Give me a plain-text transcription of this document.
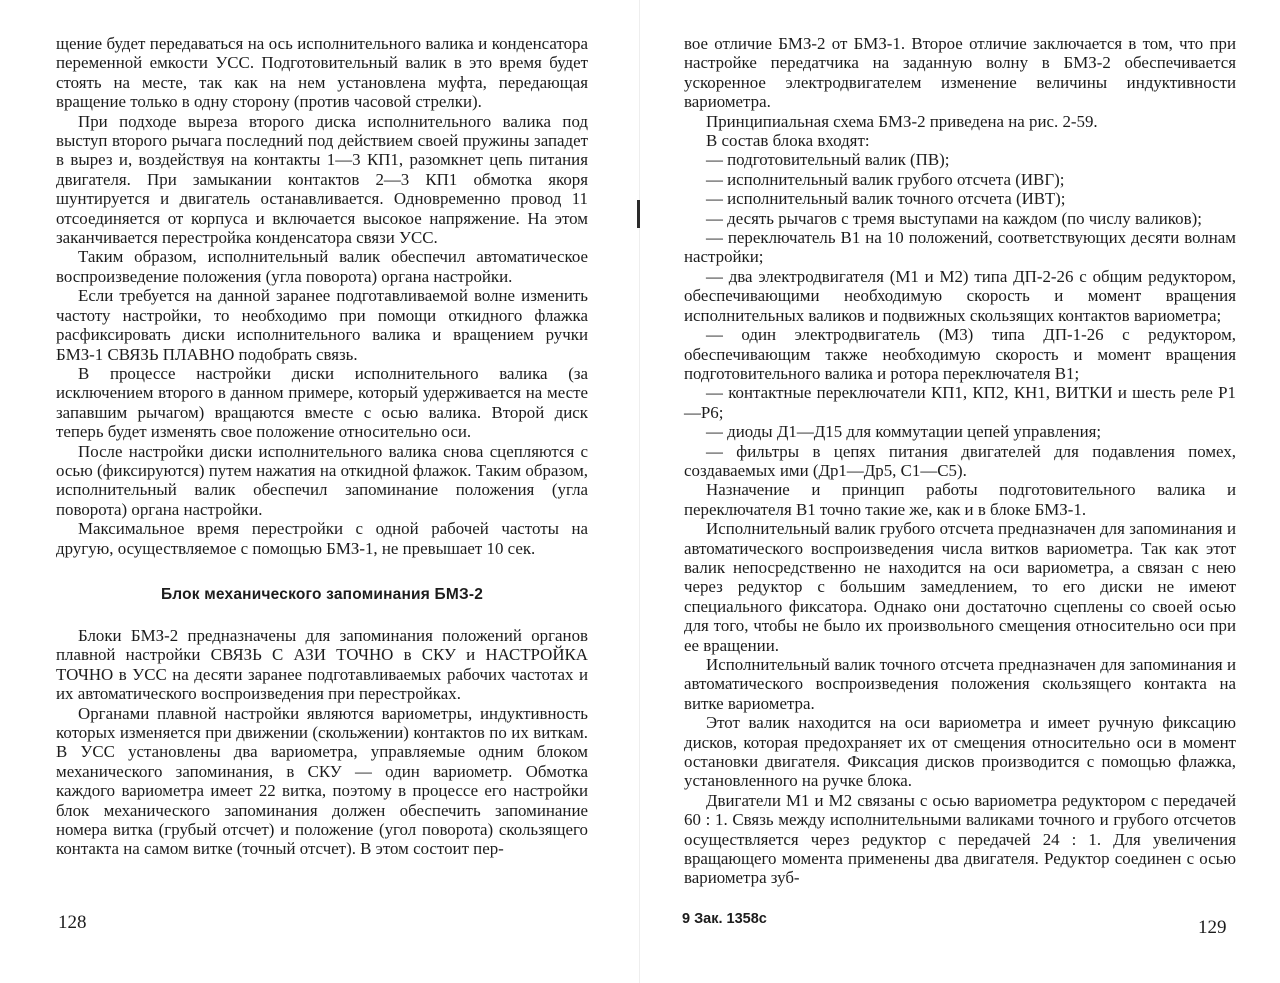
щение будет передаваться на ось исполнительного валика и конденсатора переменной емкости УСС. Подготовительный валик в это время будет стоять на месте, так как на нем установлена муфта, передающая вращение только в одну сторону (против часовой стрелки).

При подходе выреза второго диска исполнительного валика под выступ второго рычага последний под действием своей пружины западет в вырез и, воздействуя на контакты 1—3 КП1, разомкнет цепь питания двигателя. При замыкании контактов 2—3 КП1 обмотка якоря шунтируется и двигатель останавливается. Одновременно провод 11 отсоединяется от корпуса и включается высокое напряжение. На этом заканчивается перестройка конденсатора связи УСС.

Таким образом, исполнительный валик обеспечил автоматическое воспроизведение положения (угла поворота) органа настройки.

Если требуется на данной заранее подготавливаемой волне изменить частоту настройки, то необходимо при помощи откидного флажка расфиксировать диски исполнительного валика и вращением ручки БМЗ-1 СВЯЗЬ ПЛАВНО подобрать связь.

В процессе настройки диски исполнительного валика (за исключением второго в данном примере, который удерживается на месте запавшим рычагом) вращаются вместе с осью валика. Второй диск теперь будет изменять свое положение относительно оси.

После настройки диски исполнительного валика снова сцепляются с осью (фиксируются) путем нажатия на откидной флажок. Таким образом, исполнительный валик обеспечил запоминание положения (угла поворота) органа настройки.

Максимальное время перестройки с одной рабочей частоты на другую, осуществляемое с помощью БМЗ-1, не превышает 10 сек.

Блок механического запоминания БМЗ-2

Блоки БМЗ-2 предназначены для запоминания положений органов плавной настройки СВЯЗЬ С АЗИ ТОЧНО в СКУ и НАСТРОЙКА ТОЧНО в УСС на десяти заранее подготавливаемых рабочих частотах и их автоматического воспроизведения при перестройках.

Органами плавной настройки являются вариометры, индуктивность которых изменяется при движении (скольжении) контактов по их виткам. В УСС установлены два вариометра, управляемые одним блоком механического запоминания, в СКУ — один вариометр. Обмотка каждого вариометра имеет 22 витка, поэтому в процессе его настройки блок механического запоминания должен обеспечить запоминание номера витка (грубый отсчет) и положение (угол поворота) скользящего контакта на самом витке (точный отсчет). В этом состоит пер-

128

вое отличие БМЗ-2 от БМЗ-1. Второе отличие заключается в том, что при настройке передатчика на заданную волну в БМЗ-2 обеспечивается ускоренное электродвигателем изменение величины индуктивности вариометра.

Принципиальная схема БМЗ-2 приведена на рис. 2-59.

В состав блока входят:

— подготовительный валик (ПВ);

— исполнительный валик грубого отсчета (ИВГ);

— исполнительный валик точного отсчета (ИВТ);

— десять рычагов с тремя выступами на каждом (по числу валиков);

— переключатель В1 на 10 положений, соответствующих десяти волнам настройки;

— два электродвигателя (М1 и М2) типа ДП-2-26 с общим редуктором, обеспечивающими необходимую скорость и момент вращения исполнительных валиков и подвижных скользящих контактов вариометра;

— один электродвигатель (М3) типа ДП-1-26 с редуктором, обеспечивающим также необходимую скорость и момент вращения подготовительного валика и ротора переключателя В1;

— контактные переключатели КП1, КП2, КН1, ВИТКИ и шесть реле Р1—Р6;

— диоды Д1—Д15 для коммутации цепей управления;

— фильтры в цепях питания двигателей для подавления помех, создаваемых ими (Др1—Др5, С1—С5).

Назначение и принцип работы подготовительного валика и переключателя В1 точно такие же, как и в блоке БМЗ-1.

Исполнительный валик грубого отсчета предназначен для запоминания и автоматического воспроизведения числа витков вариометра. Так как этот валик непосредственно не находится на оси вариометра, а связан с нею через редуктор с большим замедлением, то его диски не имеют специального фиксатора. Однако они достаточно сцеплены со своей осью для того, чтобы не было их произвольного смещения относительно оси при ее вращении.

Исполнительный валик точного отсчета предназначен для запоминания и автоматического воспроизведения положения скользящего контакта на витке вариометра.

Этот валик находится на оси вариометра и имеет ручную фиксацию дисков, которая предохраняет их от смещения относительно оси в момент остановки двигателя. Фиксация дисков производится с помощью флажка, установленного на ручке блока.

Двигатели М1 и М2 связаны с осью вариометра редуктором с передачей 60 : 1. Связь между исполнительными валиками точного и грубого отсчетов осуществляется через редуктор с передачей 24 : 1. Для увеличения вращающего момента применены два двигателя. Редуктор соединен с осью вариометра зуб-

9 Зак. 1358с	129
